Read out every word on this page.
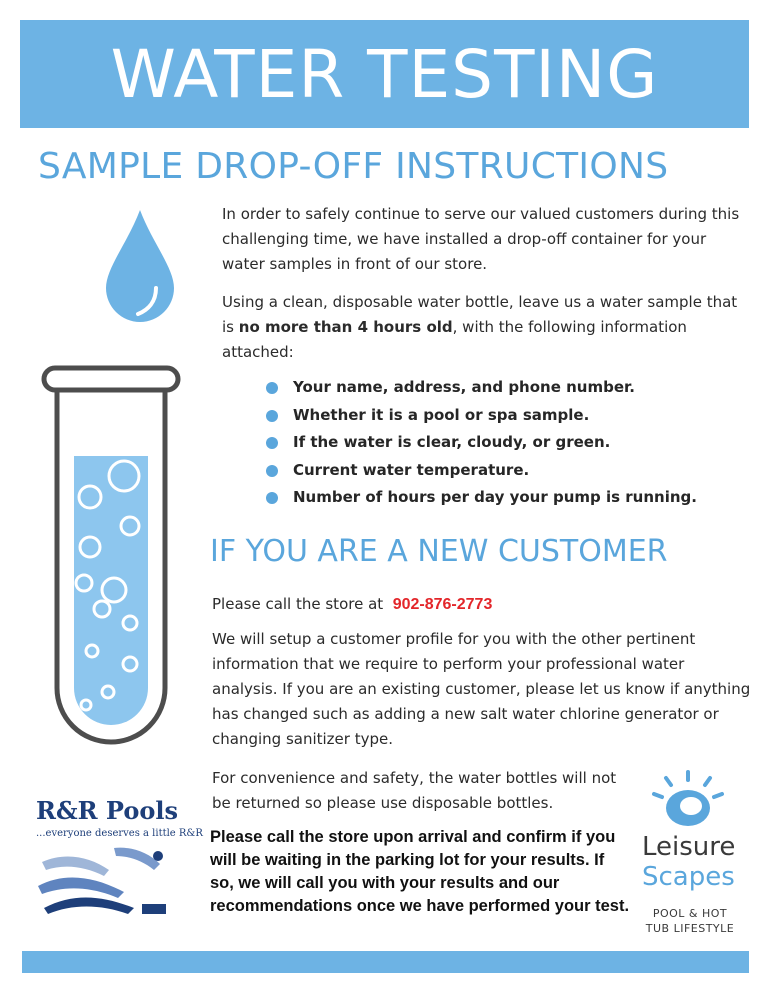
WATER TESTING
SAMPLE DROP-OFF INSTRUCTIONS

In order to safely continue to serve our valued customers during this challenging time, we have installed a drop-off container for your water samples in front of our store.

Using a clean, disposable water bottle, leave us a water sample that is no more than 4 hours old, with the following information attached:

Your name, address, and phone number.
Whether it is a pool or spa sample.
If the water is clear, cloudy, or green.
Current water temperature.
Number of hours per day your pump is running.
IF YOU ARE A NEW CUSTOMER

Please call the store at 902-876-2773

We will setup a customer profile for you with the other pertinent information that we require to perform your professional water analysis. If you are an existing customer, please let us know if anything has changed such as adding a new salt water chlorine generator or changing sanitizer type.

For convenience and safety, the water bottles will not be returned so please use disposable bottles.

Please call the store upon arrival and confirm if you will be waiting in the parking lot for your results. If so, we will call you with your results and our recommendations once we have performed your test.

R&R Pools

...everyone deserves a little R&R	Leisure
Scapes

POOL & HOT TUB LIFESTYLE
